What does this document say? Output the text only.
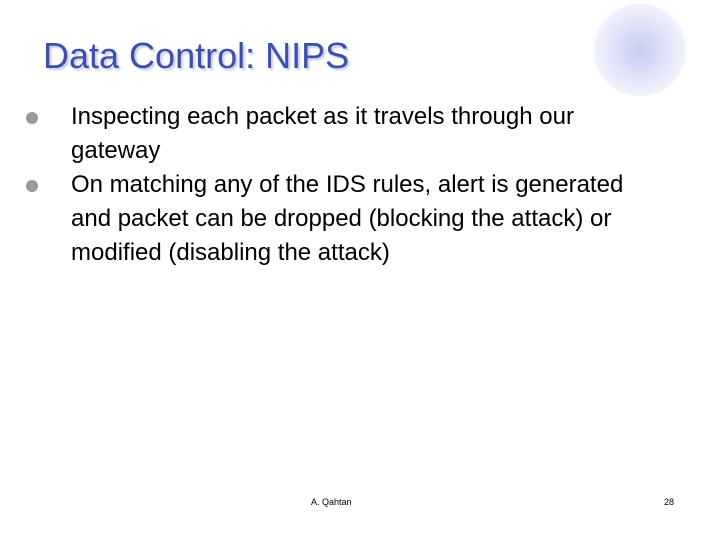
Data Control: NIPS
Inspecting each packet as it travels through our gateway
On matching any of the IDS rules, alert is generated and packet can be dropped (blocking the attack) or modified (disabling the attack)
A. Qahtan	28
